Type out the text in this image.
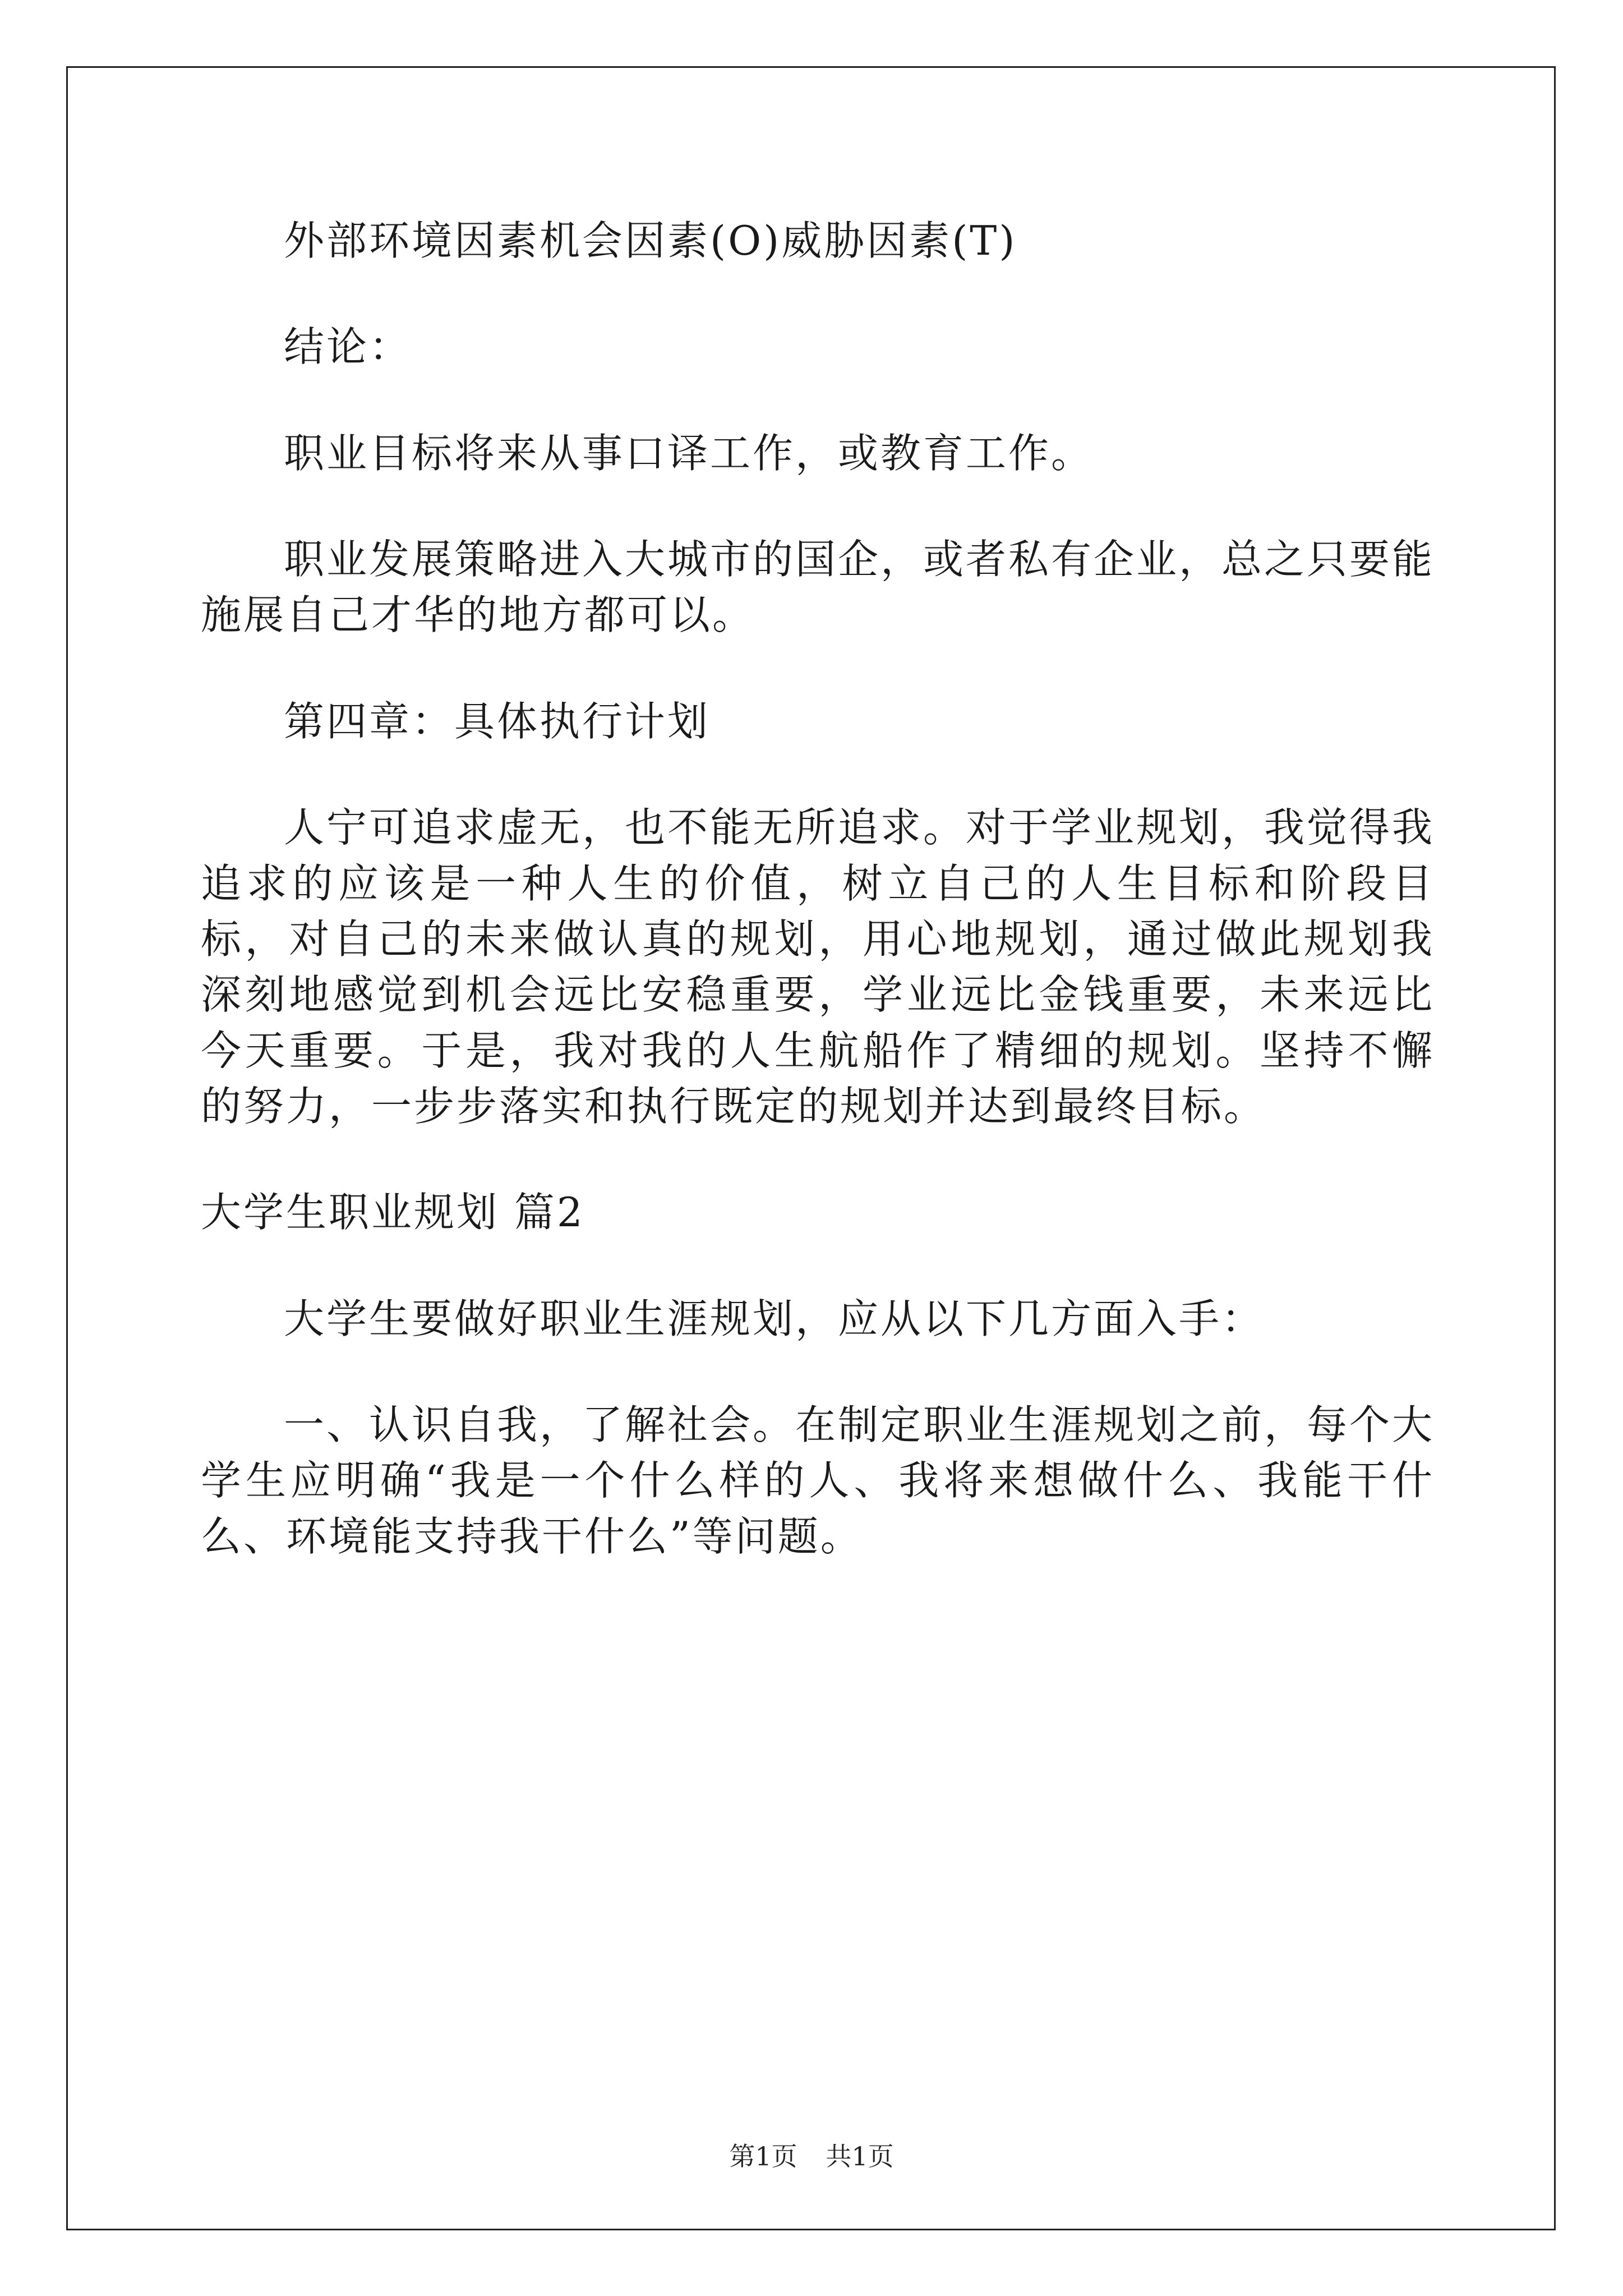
外部环境因素机会因素(O)威胁因素(T)

结论：

职业目标将来从事口译工作，或教育工作。

职业发展策略进入大城市的国企，或者私有企业，总之只要能施展自己才华的地方都可以。

第四章：具体执行计划

人宁可追求虚无，也不能无所追求。对于学业规划，我觉得我追求的应该是一种人生的价值，树立自己的人生目标和阶段目标，对自己的未来做认真的规划，用心地规划，通过做此规划我深刻地感觉到机会远比安稳重要，学业远比金钱重要，未来远比今天重要。于是，我对我的人生航船作了精细的规划。坚持不懈的努力，一步步落实和执行既定的规划并达到最终目标。

大学生职业规划 篇2

大学生要做好职业生涯规划，应从以下几方面入手：

一、认识自我，了解社会。在制定职业生涯规划之前，每个大学生应明确“我是一个什么样的人、我将来想做什么、我能干什么、环境能支持我干什么”等问题。

第1页 共1页
